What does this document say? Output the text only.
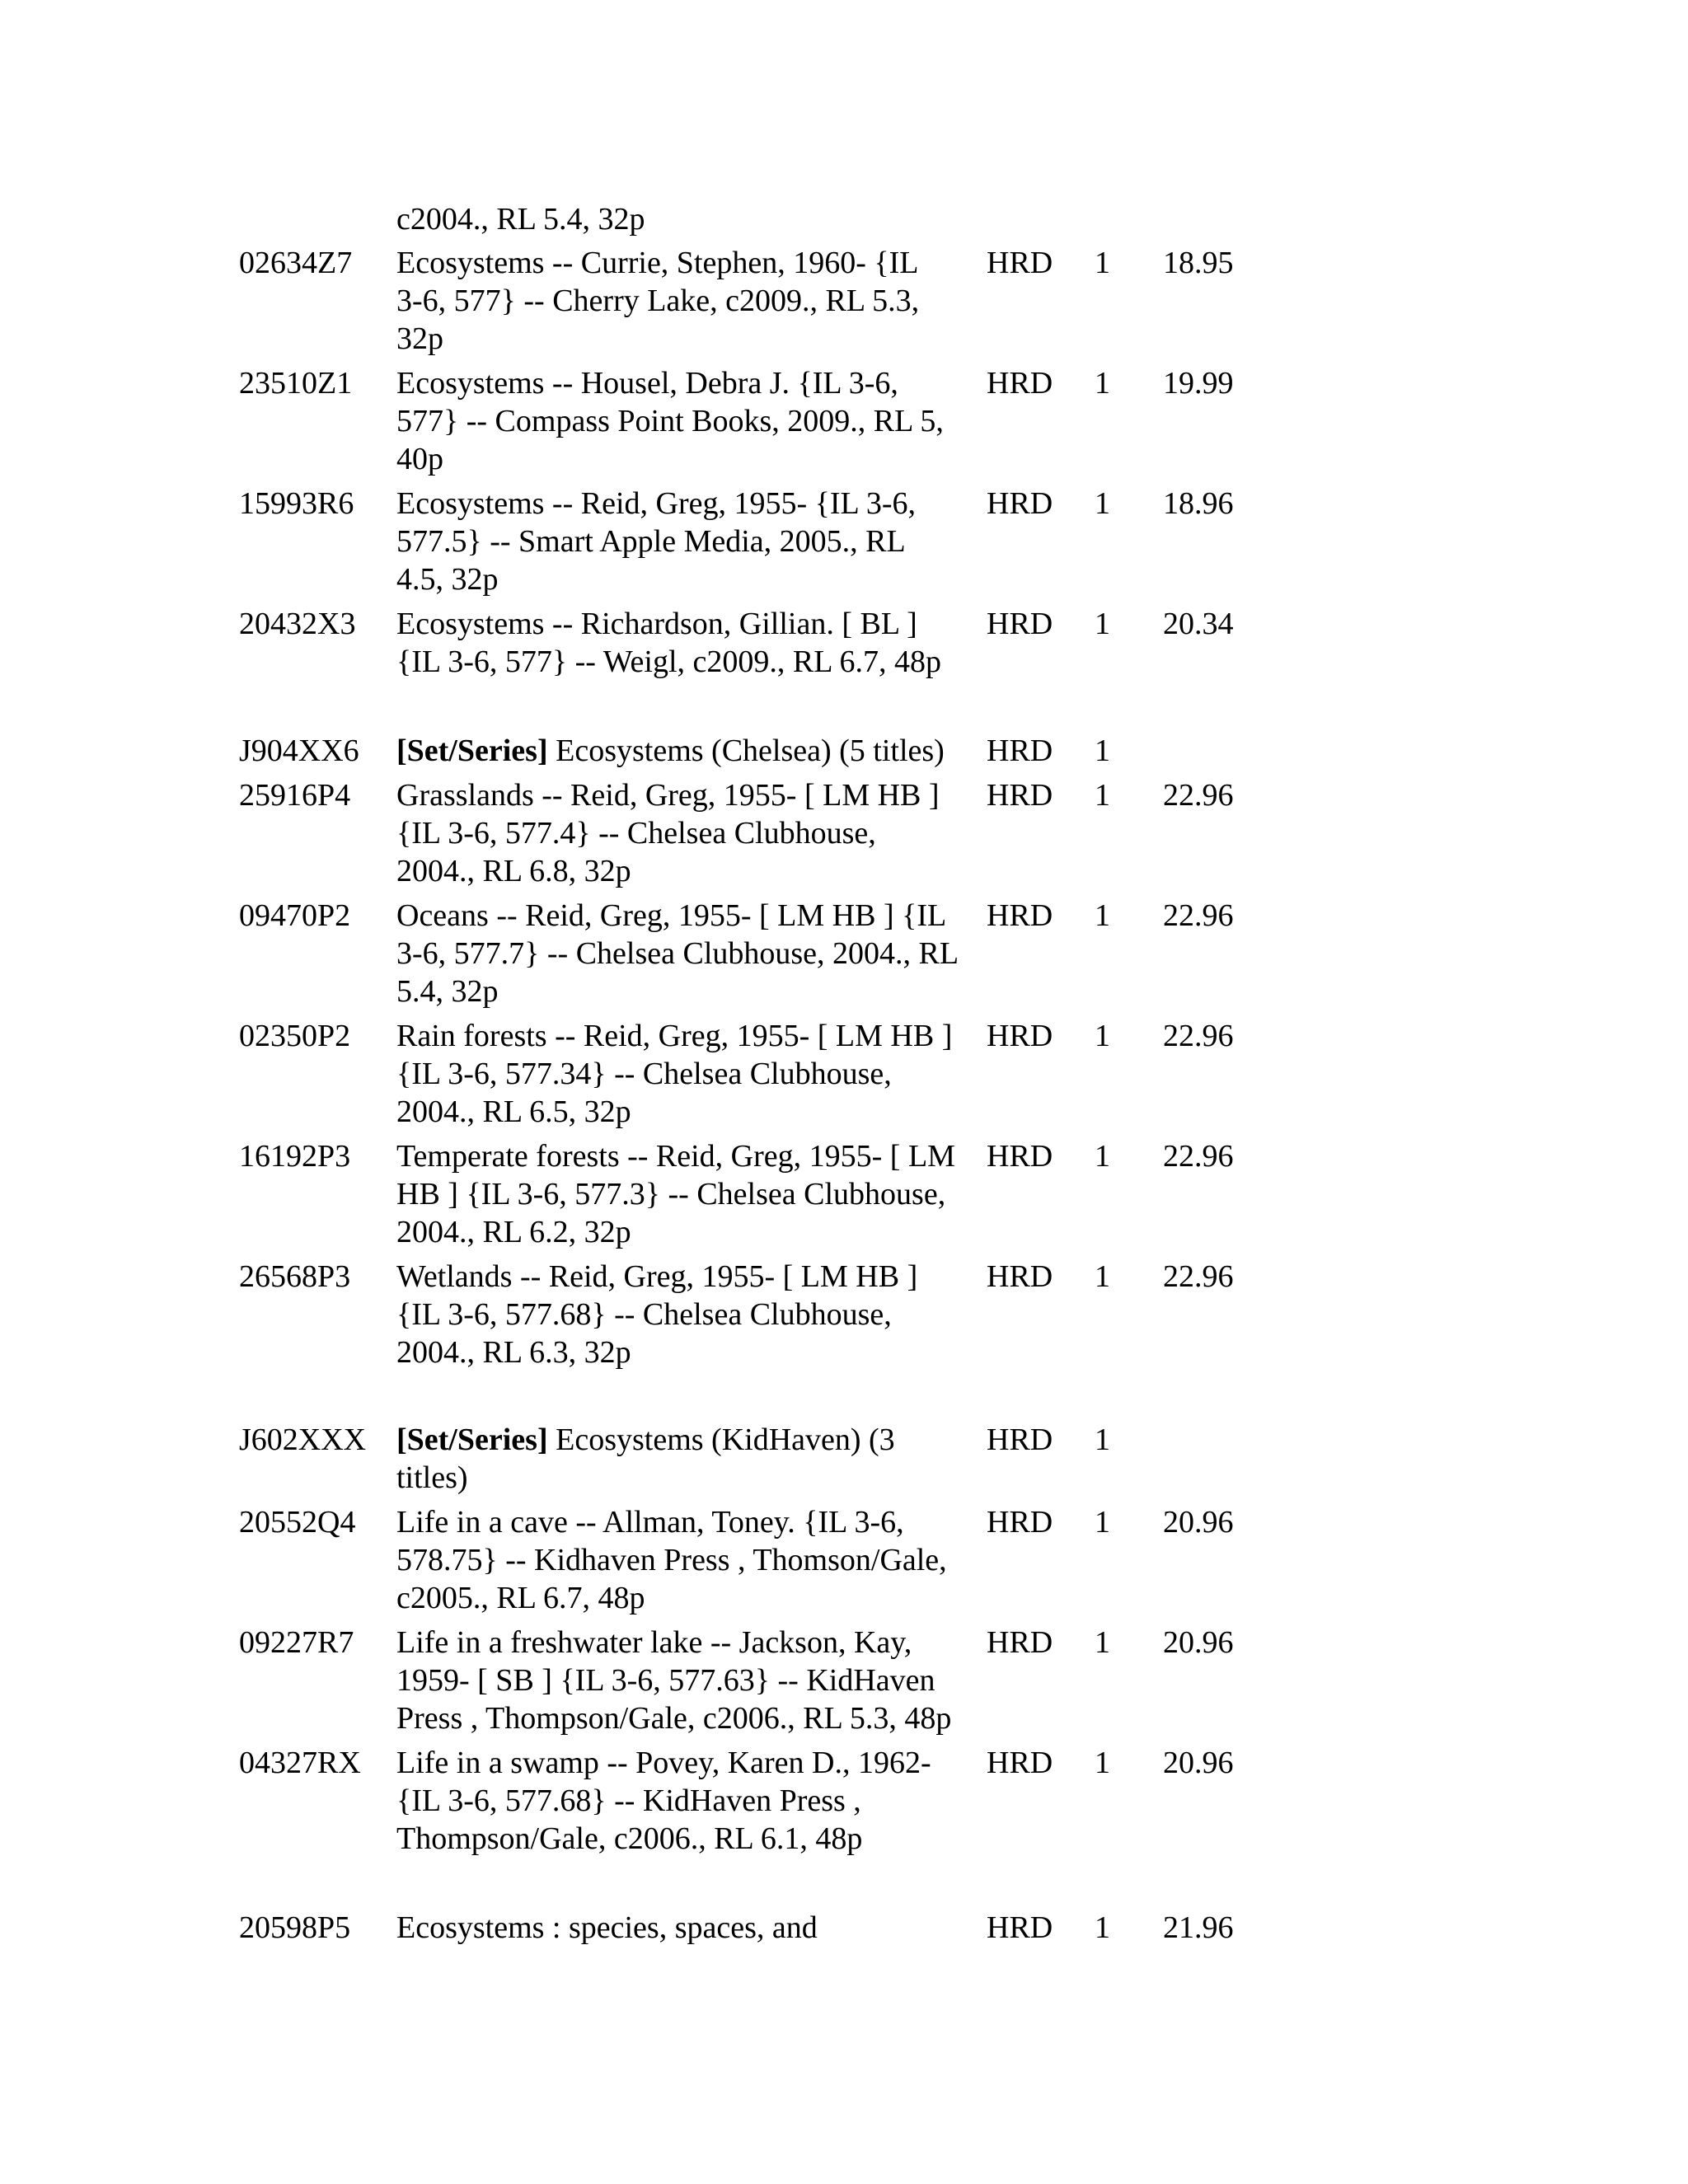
c2004., RL 5.4, 32p
02634Z7 Ecosystems -- Currie, Stephen, 1960- {IL
3-6, 577} -- Cherry Lake, c2009., RL 5.3,
32p
HRD 1 18.95
23510Z1 Ecosystems -- Housel, Debra J. {IL 3-6,
577} -- Compass Point Books, 2009., RL 5,
40p
HRD 1 19.99
15993R6 Ecosystems -- Reid, Greg, 1955- {IL 3-6,
577.5} -- Smart Apple Media, 2005., RL
4.5, 32p
HRD 1 18.96
20432X3 Ecosystems -- Richardson, Gillian. [ BL ]
{IL 3-6, 577} -- Weigl, c2009., RL 6.7, 48p
HRD 1 20.34
J904XX6 [Set/Series] Ecosystems (Chelsea) (5 titles)	HRD 1
25916P4 Grasslands -- Reid, Greg, 1955- [ LM HB ]
{IL 3-6, 577.4} -- Chelsea Clubhouse,
2004., RL 6.8, 32p
HRD 1 22.96
09470P2 Oceans -- Reid, Greg, 1955- [ LM HB ] {IL
3-6, 577.7} -- Chelsea Clubhouse, 2004., RL
5.4, 32p
HRD 1 22.96
02350P2 Rain forests -- Reid, Greg, 1955- [ LM HB ]
{IL 3-6, 577.34} -- Chelsea Clubhouse,
2004., RL 6.5, 32p
HRD 1 22.96
16192P3 Temperate forests -- Reid, Greg, 1955- [ LM
HB ] {IL 3-6, 577.3} -- Chelsea Clubhouse,
2004., RL 6.2, 32p
HRD 1 22.96
26568P3 Wetlands -- Reid, Greg, 1955- [ LM HB ]
{IL 3-6, 577.68} -- Chelsea Clubhouse,
2004., RL 6.3, 32p
HRD 1 22.96
J602XXX [Set/Series] Ecosystems (KidHaven) (3
titles)
HRD 1
20552Q4 Life in a cave -- Allman, Toney. {IL 3-6,
578.75} -- Kidhaven Press , Thomson/Gale,
c2005., RL 6.7, 48p
HRD 1 20.96
09227R7 Life in a freshwater lake -- Jackson, Kay,
1959- [ SB ] {IL 3-6, 577.63} -- KidHaven
Press , Thompson/Gale, c2006., RL 5.3, 48p
HRD 1 20.96
04327RX Life in a swamp -- Povey, Karen D., 1962-
{IL 3-6, 577.68} -- KidHaven Press ,
Thompson/Gale, c2006., RL 6.1, 48p
HRD 1 20.96
20598P5 Ecosystems : species, spaces, and	HRD 1 21.96
